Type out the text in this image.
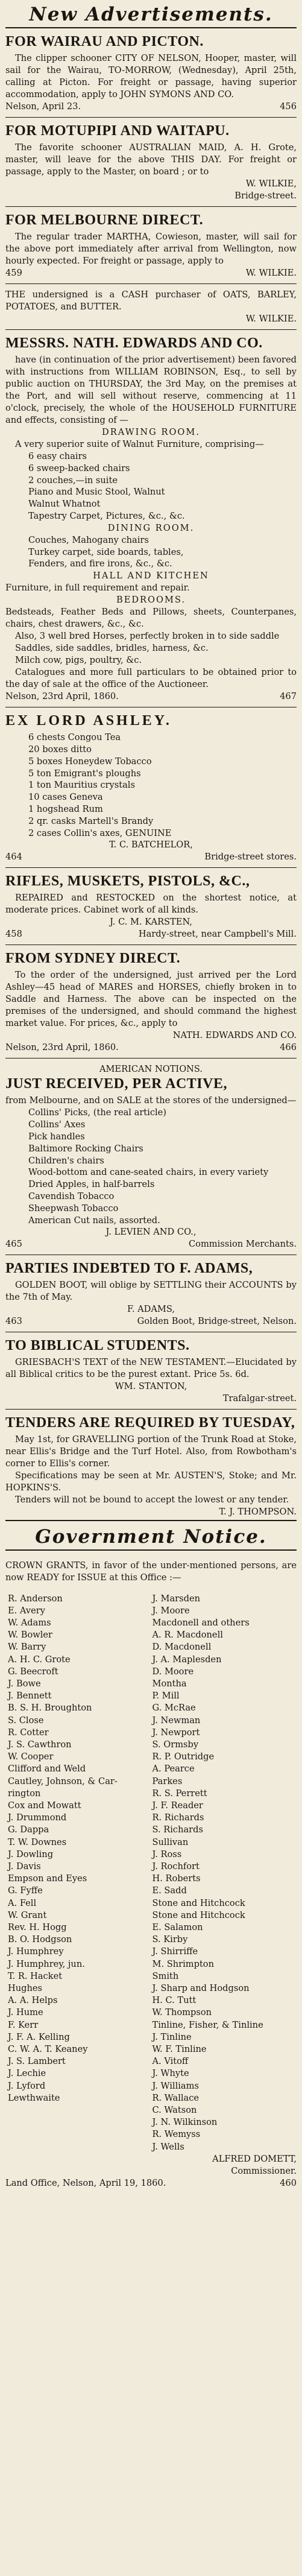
New Advertisements.
FOR WAIRAU AND PICTON.

The clipper schooner CITY OF NELSON, Hooper, master, will sail for the Wairau, TO-MORROW, (Wednesday), April 25th, calling at Picton. For freight or passage, having superior accommodation, apply to JOHN SYMONS AND CO.

Nelson, April 23.	456
FOR MOTUPIPI AND WAITAPU.

The favorite schooner AUSTRALIAN MAID, A. H. Grote, master, will leave for the above THIS DAY. For freight or passage, apply to the Master, on board ; or to

W. WILKIE,
Bridge-street.
FOR MELBOURNE DIRECT.

The regular trader MARTHA, Cowieson, master, will sail for the above port immediately after arrival from Wellington, now hourly expected. For freight or passage, apply to

459	W. WILKIE.

THE undersigned is a CASH purchaser of OATS, BARLEY, POTATOES, and BUTTER.

W. WILKIE.
MESSRS. NATH. EDWARDS AND CO.

have (in continuation of the prior advertisement) been favored with instructions from WILLIAM ROBINSON, Esq., to sell by public auction on THURSDAY, the 3rd May, on the premises at the Port, and will sell without reserve, commencing at 11 o'clock, precisely, the whole of the HOUSEHOLD FURNITURE and effects, consisting of —

DRAWING ROOM.

A very superior suite of Walnut Furniture, comprising—

6 easy chairs
6 sweep-backed chairs
2 couches,—in suite
Piano and Music Stool, Walnut
Walnut Whatnot
Tapestry Carpet, Pictures, &c., &c.
DINING ROOM.
Couches, Mahogany chairs
Turkey carpet, side boards, tables,
Fenders, and fire irons, &c., &c.
HALL AND KITCHEN

Furniture, in full requirement and repair.

BEDROOMS.

Bedsteads, Feather Beds and Pillows, sheets, Counterpanes, chairs, chest drawers, &c., &c.

Also, 3 well bred Horses, perfectly broken in to side saddle

Saddles, side saddles, bridles, harness, &c.

Milch cow, pigs, poultry, &c.

Catalogues and more full particulars to be obtained prior to the day of sale at the office of the Auctioneer.

Nelson, 23rd April, 1860.	467
EX LORD ASHLEY.
6 chests Congou Tea
20 boxes ditto
5 boxes Honeydew Tobacco
5 ton Emigrant's ploughs
1 ton Mauritius crystals
10 cases Geneva
1 hogshead Rum
2 qr. casks Martell's Brandy
2 cases Collin's axes, GENUINE
T. C. BATCHELOR,
464	Bridge-street stores.
RIFLES, MUSKETS, PISTOLS, &C.,

REPAIRED and RESTOCKED on the shortest notice, at moderate prices. Cabinet work of all kinds.

J. C. M. KARSTEN,
458	Hardy-street, near Campbell's Mill.
FROM SYDNEY DIRECT.

To the order of the undersigned, just arrived per the Lord Ashley—45 head of MARES and HORSES, chiefly broken in to Saddle and Harness. The above can be inspected on the premises of the undersigned, and should command the highest market value. For prices, &c., apply to

NATH. EDWARDS AND CO.
Nelson, 23rd April, 1860.	466
AMERICAN NOTIONS.
JUST RECEIVED, PER ACTIVE,

from Melbourne, and on SALE at the stores of the undersigned—

Collins' Picks, (the real article)
Collins' Axes
Pick handles
Baltimore Rocking Chairs
Children's chairs
Wood-bottom and cane-seated chairs, in every variety
Dried Apples, in half-barrels
Cavendish Tobacco
Sheepwash Tobacco
American Cut nails, assorted.
J. LEVIEN AND CO.,
465	Commission Merchants.
PARTIES INDEBTED TO F. ADAMS,

GOLDEN BOOT, will oblige by SETTLING their ACCOUNTS by the 7th of May.

F. ADAMS,
463	Golden Boot, Bridge-street, Nelson.
TO BIBLICAL STUDENTS.

GRIESBACH'S TEXT of the NEW TESTAMENT.—Elucidated by all Biblical critics to be the purest extant. Price 5s. 6d.

WM. STANTON,
Trafalgar-street.
TENDERS ARE REQUIRED BY TUESDAY,

May 1st, for GRAVELLING portion of the Trunk Road at Stoke, near Ellis's Bridge and the Turf Hotel. Also, from Rowbotham's corner to Ellis's corner.

Specifications may be seen at Mr. AUSTEN'S, Stoke; and Mr. HOPKINS'S.

Tenders will not be bound to accept the lowest or any tender.

T. J. THOMPSON.
Government Notice.

CROWN GRANTS, in favor of the under-mentioned persons, are now READY for ISSUE at this Office :—

R. Anderson
E. Avery
W. Adams
W. Bowler
W. Barry
A. H. C. Grote
G. Beecroft
J. Bowe
J. Bennett
B. S. H. Broughton
S. Close
R. Cotter
J. S. Cawthron
W. Cooper
Clifford and Weld
Cautley, Johnson, & Car-
rington
Cox and Mowatt
J. Drummond
G. Dappa
T. W. Downes
J. Dowling
J. Davis
Empson and Eyes
G. Fyffe
A. Fell
W. Grant
Rev. H. Hogg
B. O. Hodgson
J. Humphrey
J. Humphrey, jun.
T. R. Hacket
Hughes
A. A. Helps
J. Hume
F. Kerr
J. F. A. Kelling
C. W. A. T. Keaney
J. S. Lambert
J. Lechie
J. Lyford
Lewthwaite
J. Marsden
J. Moore
Macdonell and others
A. R. Macdonell
D. Macdonell
J. A. Maplesden
D. Moore
Montha
P. Mill
G. McRae
J. Newman
J. Newport
S. Ormsby
R. P. Outridge
A. Pearce
Parkes
R. S. Perrett
J. F. Reader
R. Richards
S. Richards
Sullivan
J. Ross
J. Rochfort
H. Roberts
E. Sadd
Stone and Hitchcock
Stone and Hitchcock
E. Salamon
S. Kirby
J. Shirriffe
M. Shrimpton
Smith
J. Sharp and Hodgson
H. C. Tutt
W. Thompson
Tinline, Fisher, & Tinline
J. Tinline
W. F. Tinline
A. Vitoff
J. Whyte
J. Williams
R. Wallace
C. Watson
J. N. Wilkinson
R. Wemyss
J. Wells
ALFRED DOMETT,
Commissioner.
Land Office, Nelson, April 19, 1860.	460
